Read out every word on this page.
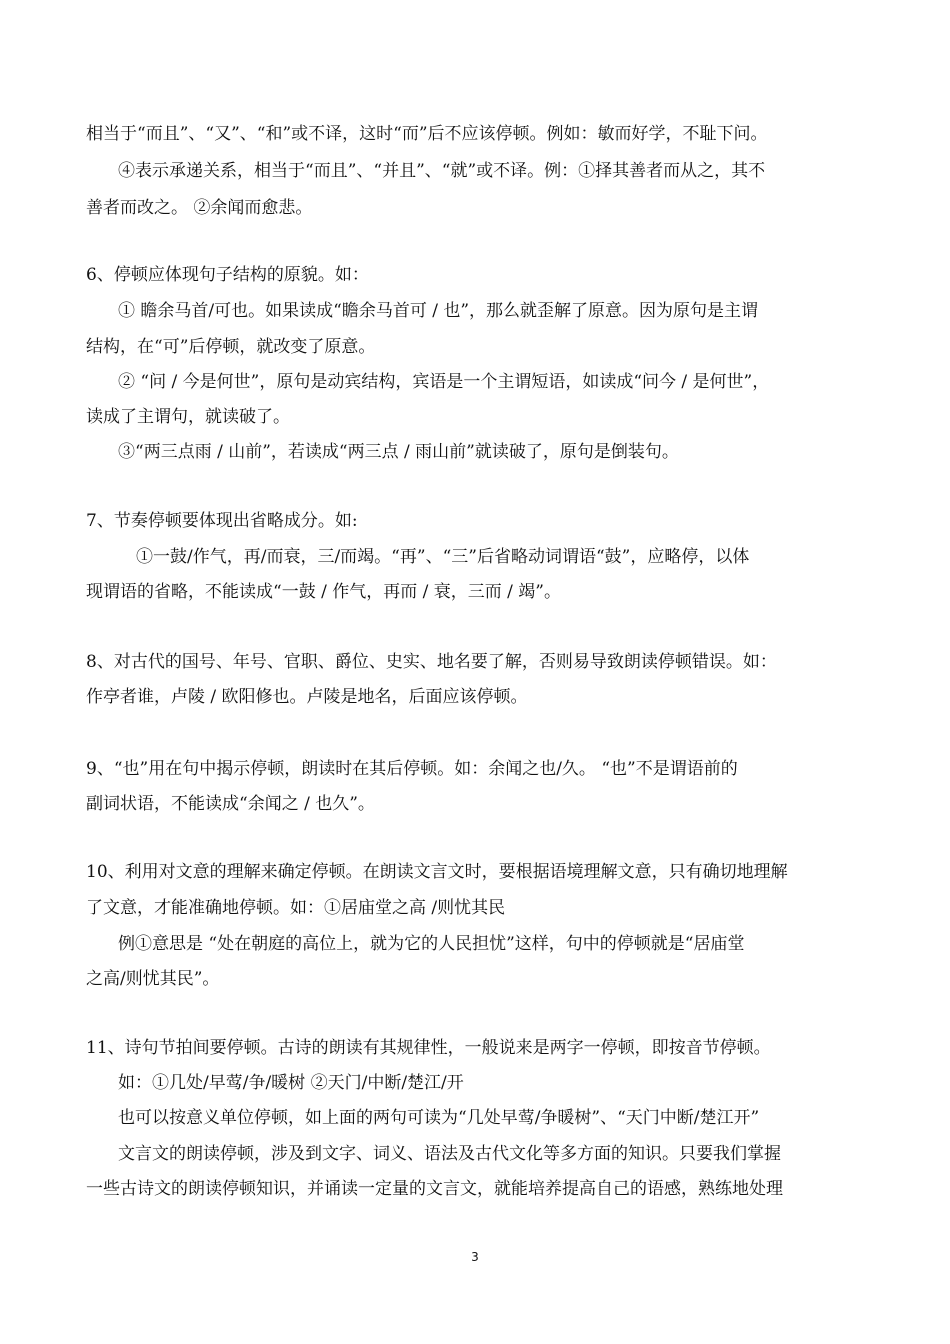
相当于“而且”、“又”、“和”或不译，这时“而”后不应该停顿。例如：敏而好学，不耻下问。
④表示承递关系，相当于“而且”、“并且”、“就”或不译。例：①择其善者而从之，其不
善者而改之。 ②余闻而愈悲。
6、停顿应体现句子结构的原貌。如：
① 瞻余马首/可也。如果读成“瞻余马首可 / 也”，那么就歪解了原意。因为原句是主谓
结构，在“可”后停顿，就改变了原意。
② “问 / 今是何世”，原句是动宾结构，宾语是一个主谓短语，如读成“问今 / 是何世”，
读成了主谓句，就读破了。
③“两三点雨 / 山前”，若读成“两三点 / 雨山前”就读破了，原句是倒装句。
7、节奏停顿要体现出省略成分。如:
①一鼓/作气，再/而衰，三/而竭。“再”、“三”后省略动词谓语“鼓”，应略停，以体
现谓语的省略，不能读成“一鼓 / 作气，再而 / 衰，三而 / 竭”。
8、对古代的国号、年号、官职、爵位、史实、地名要了解，否则易导致朗读停顿错误。如：
作亭者谁，卢陵 / 欧阳修也。卢陵是地名，后面应该停顿。
9、“也”用在句中揭示停顿，朗读时在其后停顿。如：余闻之也/久。 “也”不是谓语前的
副词状语，不能读成“余闻之 / 也久”。
10、利用对文意的理解来确定停顿。在朗读文言文时，要根据语境理解文意，只有确切地理解
了文意，才能准确地停顿。如：①居庙堂之高 /则忧其民
例①意思是 “处在朝庭的高位上，就为它的人民担忧”这样，句中的停顿就是“居庙堂
之高/则忧其民”。
11、诗句节拍间要停顿。古诗的朗读有其规律性，一般说来是两字一停顿，即按音节停顿。
如：①几处/早莺/争/暖树 ②天门/中断/楚江/开
也可以按意义单位停顿，如上面的两句可读为“几处早莺/争暖树”、“天门中断/楚江开”
文言文的朗读停顿，涉及到文字、词义、语法及古代文化等多方面的知识。只要我们掌握
一些古诗文的朗读停顿知识，并诵读一定量的文言文，就能培养提高自己的语感，熟练地处理
3
